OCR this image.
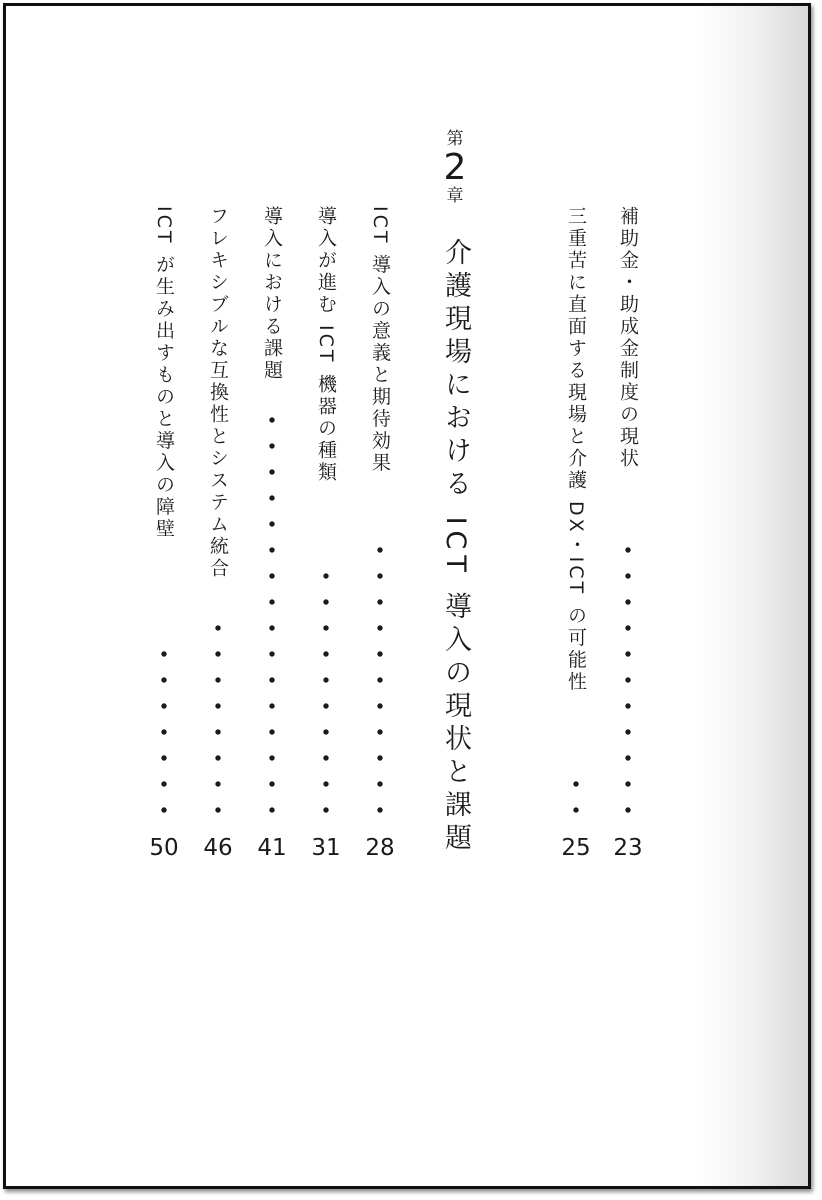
補助金・助成金制度の現状
23
三重苦に直面する現場と介護 DX・ICT の可能性
25
第
2
章
介護現場における ICT 導入の現状と課題
ICT 導入の意義と期待効果
28
導入が進む ICT 機器の種類
31
導入における課題
41
フレキシブルな互換性とシステム統合
46
ICT が生み出すものと導入の障壁
50
